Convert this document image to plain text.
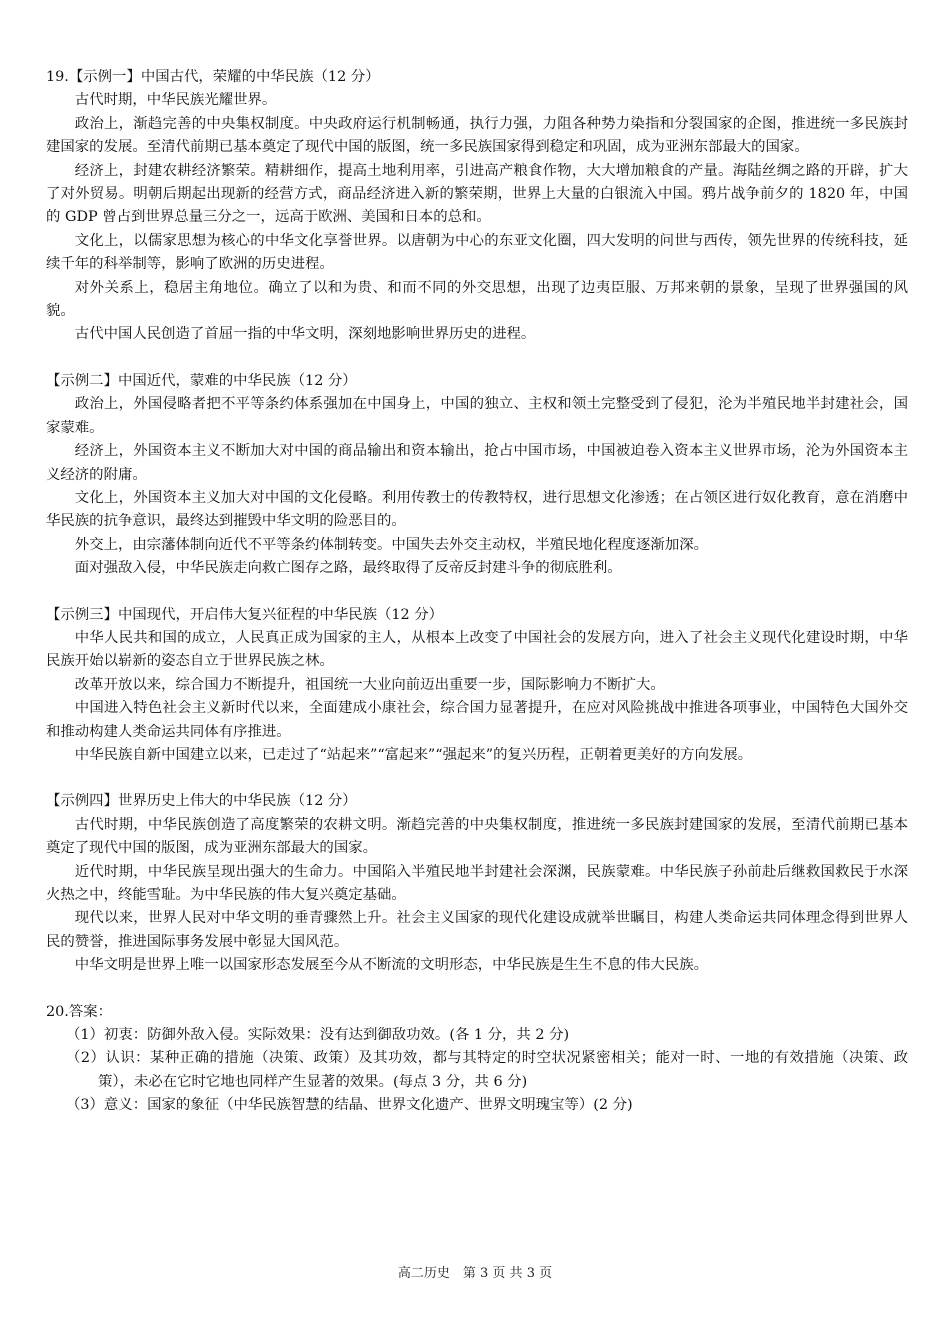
19.【示例一】中国古代，荣耀的中华民族（12 分）

古代时期，中华民族光耀世界。

政治上，渐趋完善的中央集权制度。中央政府运行机制畅通，执行力强，力阻各种势力染指和分裂国家的企图，推进统一多民族封建国家的发展。至清代前期已基本奠定了现代中国的版图，统一多民族国家得到稳定和巩固，成为亚洲东部最大的国家。

经济上，封建农耕经济繁荣。精耕细作，提高土地利用率，引进高产粮食作物，大大增加粮食的产量。海陆丝绸之路的开辟，扩大了对外贸易。明朝后期起出现新的经营方式，商品经济进入新的繁荣期，世界上大量的白银流入中国。鸦片战争前夕的 1820 年，中国的 GDP 曾占到世界总量三分之一，远高于欧洲、美国和日本的总和。

文化上，以儒家思想为核心的中华文化享誉世界。以唐朝为中心的东亚文化圈，四大发明的问世与西传，领先世界的传统科技，延续千年的科举制等，影响了欧洲的历史进程。

对外关系上，稳居主角地位。确立了以和为贵、和而不同的外交思想，出现了边夷臣服、万邦来朝的景象，呈现了世界强国的风貌。

古代中国人民创造了首屈一指的中华文明，深刻地影响世界历史的进程。

【示例二】中国近代，蒙难的中华民族（12 分）

政治上，外国侵略者把不平等条约体系强加在中国身上，中国的独立、主权和领土完整受到了侵犯，沦为半殖民地半封建社会，国家蒙难。

经济上，外国资本主义不断加大对中国的商品输出和资本输出，抢占中国市场，中国被迫卷入资本主义世界市场，沦为外国资本主义经济的附庸。

文化上，外国资本主义加大对中国的文化侵略。利用传教士的传教特权，进行思想文化渗透；在占领区进行奴化教育，意在消磨中华民族的抗争意识，最终达到摧毁中华文明的险恶目的。

外交上，由宗藩体制向近代不平等条约体制转变。中国失去外交主动权，半殖民地化程度逐渐加深。

面对强敌入侵，中华民族走向救亡图存之路，最终取得了反帝反封建斗争的彻底胜利。

【示例三】中国现代，开启伟大复兴征程的中华民族（12 分）

中华人民共和国的成立，人民真正成为国家的主人，从根本上改变了中国社会的发展方向，进入了社会主义现代化建设时期，中华民族开始以崭新的姿态自立于世界民族之林。

改革开放以来，综合国力不断提升，祖国统一大业向前迈出重要一步，国际影响力不断扩大。

中国进入特色社会主义新时代以来，全面建成小康社会，综合国力显著提升，在应对风险挑战中推进各项事业，中国特色大国外交和推动构建人类命运共同体有序推进。

中华民族自新中国建立以来，已走过了“站起来”“富起来”“强起来”的复兴历程，正朝着更美好的方向发展。

【示例四】世界历史上伟大的中华民族（12 分）

古代时期，中华民族创造了高度繁荣的农耕文明。渐趋完善的中央集权制度，推进统一多民族封建国家的发展，至清代前期已基本奠定了现代中国的版图，成为亚洲东部最大的国家。

近代时期，中华民族呈现出强大的生命力。中国陷入半殖民地半封建社会深渊，民族蒙难。中华民族子孙前赴后继救国救民于水深火热之中，终能雪耻。为中华民族的伟大复兴奠定基础。

现代以来，世界人民对中华文明的垂青骤然上升。社会主义国家的现代化建设成就举世瞩目，构建人类命运共同体理念得到世界人民的赞誉，推进国际事务发展中彰显大国风范。

中华文明是世界上唯一以国家形态发展至今从不断流的文明形态，中华民族是生生不息的伟大民族。

20.答案：

（1）初衷：防御外敌入侵。实际效果：没有达到御敌功效。(各 1 分，共 2 分)

（2）认识：某种正确的措施（决策、政策）及其功效，都与其特定的时空状况紧密相关；能对一时、一地的有效措施（决策、政策），未必在它时它地也同样产生显著的效果。(每点 3 分，共 6 分)

（3）意义：国家的象征（中华民族智慧的结晶、世界文化遗产、世界文明瑰宝等）(2 分)

高二历史　第 3 页 共 3 页
